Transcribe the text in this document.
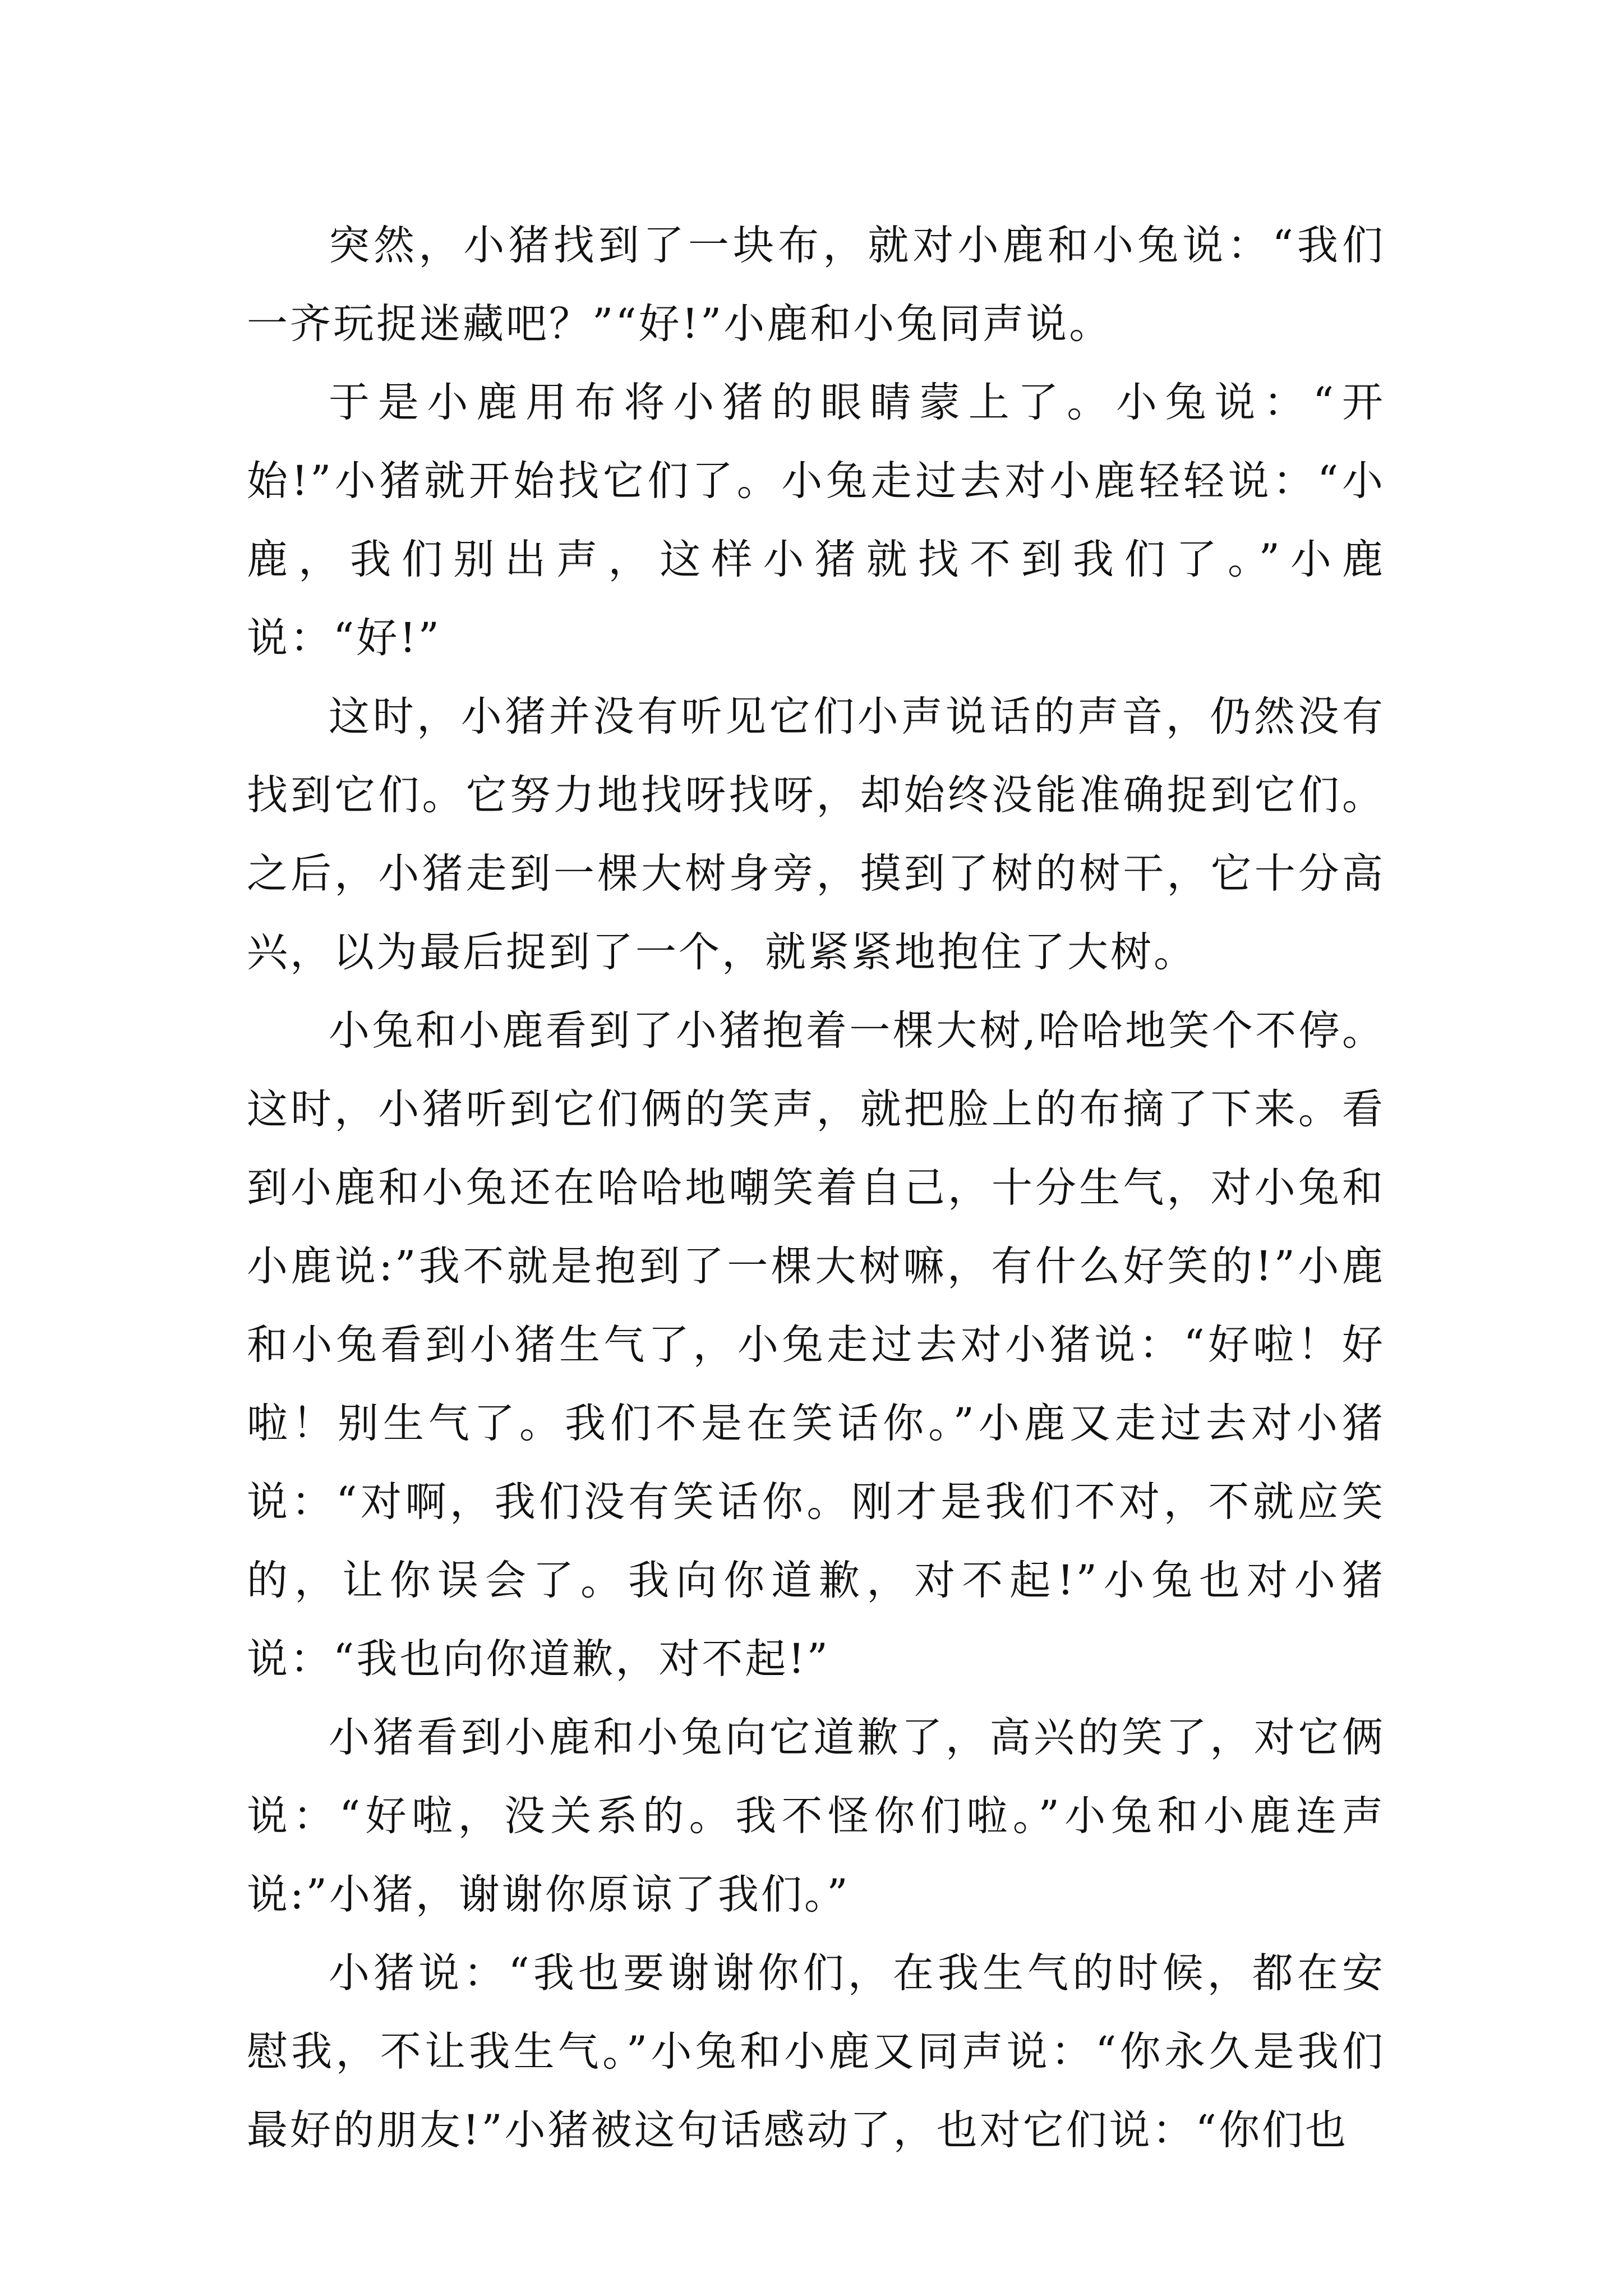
突然，小猪找到了一块布，就对小鹿和小兔说：“我们一齐玩捉迷藏吧？”“好!”小鹿和小兔同声说。

于是小鹿用布将小猪的眼睛蒙上了。小兔说：“开始!”小猪就开始找它们了。小兔走过去对小鹿轻轻说：“小鹿，我们别出声，这样小猪就找不到我们了。”小鹿说：“好!”

这时，小猪并没有听见它们小声说话的声音，仍然没有找到它们。它努力地找呀找呀，却始终没能准确捉到它们。之后，小猪走到一棵大树身旁，摸到了树的树干，它十分高兴，以为最后捉到了一个，就紧紧地抱住了大树。

小兔和小鹿看到了小猪抱着一棵大树,哈哈地笑个不停。这时，小猪听到它们俩的笑声，就把脸上的布摘了下来。看到小鹿和小兔还在哈哈地嘲笑着自己，十分生气，对小兔和小鹿说:”我不就是抱到了一棵大树嘛，有什么好笑的!”小鹿和小兔看到小猪生气了，小兔走过去对小猪说：“好啦！好啦！别生气了。我们不是在笑话你。”小鹿又走过去对小猪说：“对啊，我们没有笑话你。刚才是我们不对，不就应笑的，让你误会了。我向你道歉，对不起!”小兔也对小猪说：“我也向你道歉，对不起!”

小猪看到小鹿和小兔向它道歉了，高兴的笑了，对它俩说：“好啦，没关系的。我不怪你们啦。”小兔和小鹿连声说:”小猪，谢谢你原谅了我们。”

小猪说：“我也要谢谢你们，在我生气的时候，都在安慰我，不让我生气。”小兔和小鹿又同声说：“你永久是我们最好的朋友!”小猪被这句话感动了，也对它们说：“你们也
